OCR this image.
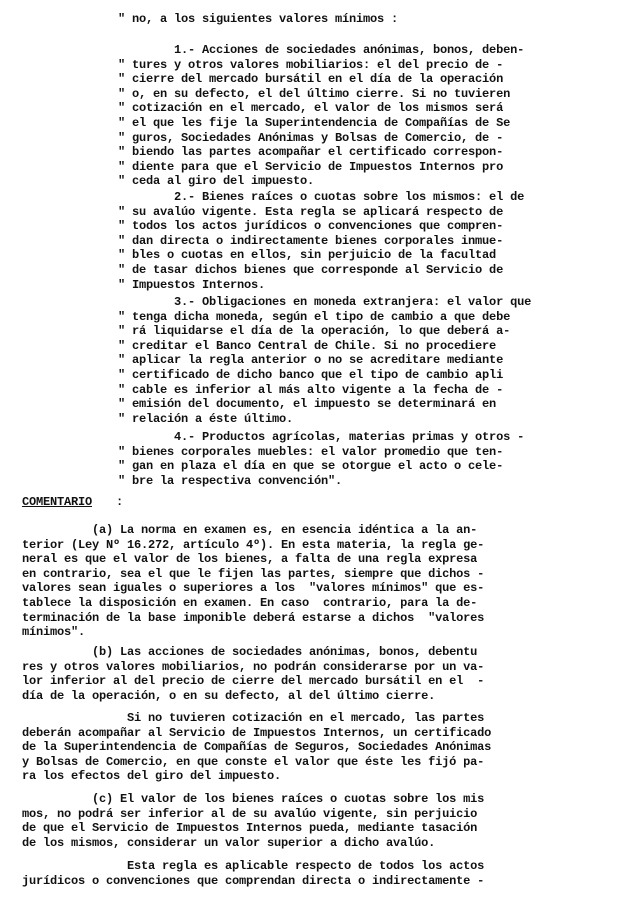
" no, a los siguientes valores mínimos :
1.- Acciones de sociedades anónimas, bonos, deben-
" tures y otros valores mobiliarios: el del precio de -
" cierre del mercado bursátil en el día de la operación
" o, en su defecto, el del último cierre. Si no tuvieren
" cotización en el mercado, el valor de los mismos será
" el que les fije la Superintendencia de Compañías de Se
" guros, Sociedades Anónimas y Bolsas de Comercio, de -
" biendo las partes acompañar el certificado correspon-
" diente para que el Servicio de Impuestos Internos pro
" ceda al giro del impuesto.
2.- Bienes raíces o cuotas sobre los mismos: el de
" su avalúo vigente. Esta regla se aplicará respecto de
" todos los actos jurídicos o convenciones que compren-
" dan directa o indirectamente bienes corporales inmue-
" bles o cuotas en ellos, sin perjuicio de la facultad
" de tasar dichos bienes que corresponde al Servicio de
" Impuestos Internos.
3.- Obligaciones en moneda extranjera: el valor que
" tenga dicha moneda, según el tipo de cambio a que debe
" rá liquidarse el día de la operación, lo que deberá a-
" creditar el Banco Central de Chile. Si no procediere
" aplicar la regla anterior o no se acreditare mediante
" certificado de dicho banco que el tipo de cambio apli
" cable es inferior al más alto vigente a la fecha de -
" emisión del documento, el impuesto se determinará en
" relación a éste último.
4.- Productos agrícolas, materias primas y otros -
" bienes corporales muebles: el valor promedio que ten-
" gan en plaza el día en que se otorgue el acto o cele-
" bre la respectiva convención".
COMENTARIO :
(a) La norma en examen es, en esencia idéntica a la an-
terior (Ley Nº 16.272, artículo 4º). En esta materia, la regla ge-
neral es que el valor de los bienes, a falta de una regla expresa
en contrario, sea el que le fijen las partes, siempre que dichos -
valores sean iguales o superiores a los  "valores mínimos" que es-
tablece la disposición en examen. En caso  contrario, para la de-
terminación de la base imponible deberá estarse a dichos  "valores
mínimos".
(b) Las acciones de sociedades anónimas, bonos, debentu
res y otros valores mobiliarios, no podrán considerarse por un va-
lor inferior al del precio de cierre del mercado bursátil en el  -
día de la operación, o en su defecto, al del último cierre.
Si no tuvieren cotización en el mercado, las partes
deberán acompañar al Servicio de Impuestos Internos, un certificado
de la Superintendencia de Compañías de Seguros, Sociedades Anónimas
y Bolsas de Comercio, en que conste el valor que éste les fijó pa-
ra los efectos del giro del impuesto.
(c) El valor de los bienes raíces o cuotas sobre los mis
mos, no podrá ser inferior al de su avalúo vigente, sin perjuicio
de que el Servicio de Impuestos Internos pueda, mediante tasación
de los mismos, considerar un valor superior a dicho avalúo.
Esta regla es aplicable respecto de todos los actos
jurídicos o convenciones que comprendan directa o indirectamente -
